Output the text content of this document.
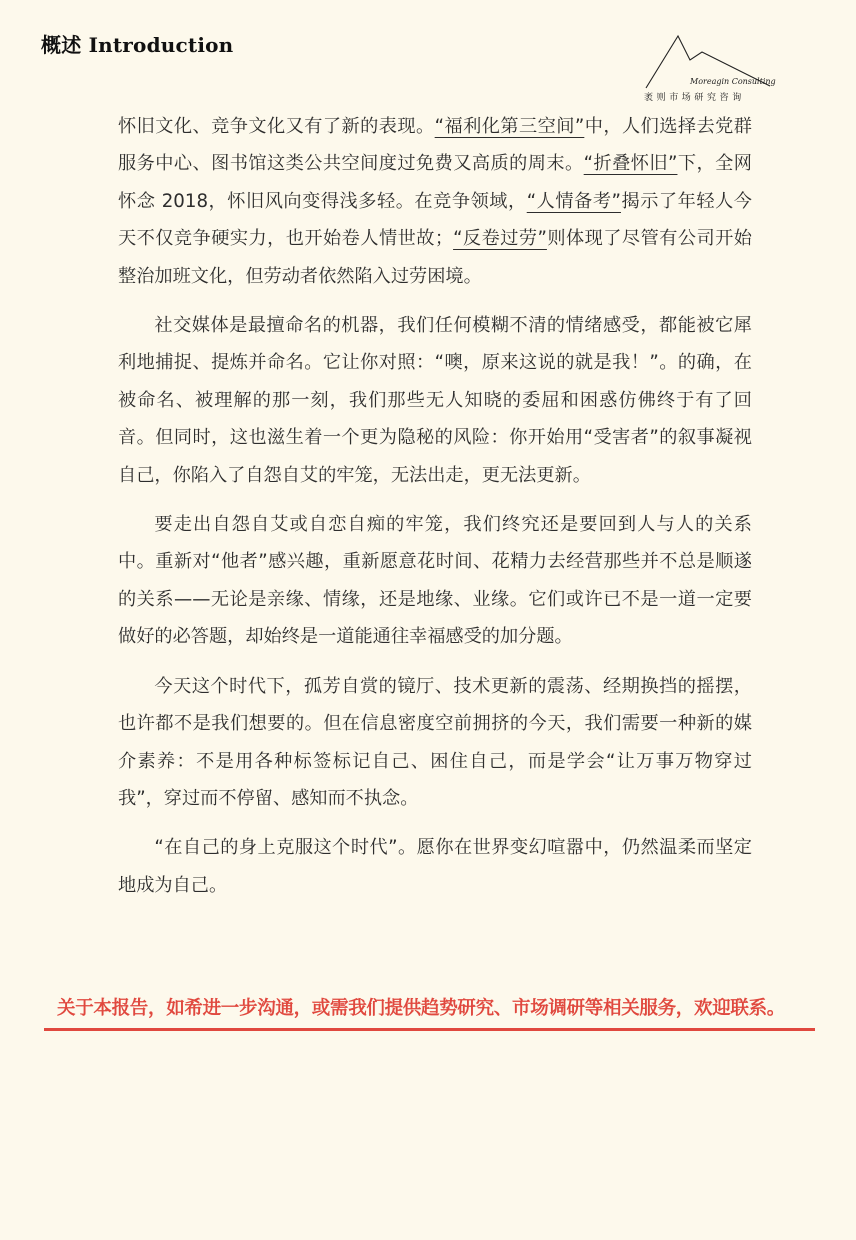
概述 Introduction
Moreagin Consulting
袤则市场研究咨询

怀旧文化、竞争文化又有了新的表现。“福利化第三空间”中，人们选择去党群服务中心、图书馆这类公共空间度过免费又高质的周末。“折叠怀旧”下，全网怀念 2018，怀旧风向变得浅多轻。在竞争领域，“人情备考”揭示了年轻人今天不仅竞争硬实力，也开始卷人情世故；“反卷过劳”则体现了尽管有公司开始整治加班文化，但劳动者依然陷入过劳困境。

社交媒体是最擅命名的机器，我们任何模糊不清的情绪感受，都能被它犀利地捕捉、提炼并命名。它让你对照：“噢，原来这说的就是我！”。的确，在被命名、被理解的那一刻，我们那些无人知晓的委屈和困惑仿佛终于有了回音。但同时，这也滋生着一个更为隐秘的风险：你开始用“受害者”的叙事凝视自己，你陷入了自怨自艾的牢笼，无法出走，更无法更新。

要走出自怨自艾或自恋自痴的牢笼，我们终究还是要回到人与人的关系中。重新对“他者”感兴趣，重新愿意花时间、花精力去经营那些并不总是顺遂的关系——无论是亲缘、情缘，还是地缘、业缘。它们或许已不是一道一定要做好的必答题，却始终是一道能通往幸福感受的加分题。

今天这个时代下，孤芳自赏的镜厅、技术更新的震荡、经期换挡的摇摆，也许都不是我们想要的。但在信息密度空前拥挤的今天，我们需要一种新的媒介素养：不是用各种标签标记自己、困住自己，而是学会“让万事万物穿过我”，穿过而不停留、感知而不执念。

“在自己的身上克服这个时代”。愿你在世界变幻喧嚣中，仍然温柔而坚定地成为自己。

关于本报告，如希进一步沟通，或需我们提供趋势研究、市场调研等相关服务，欢迎联系。
